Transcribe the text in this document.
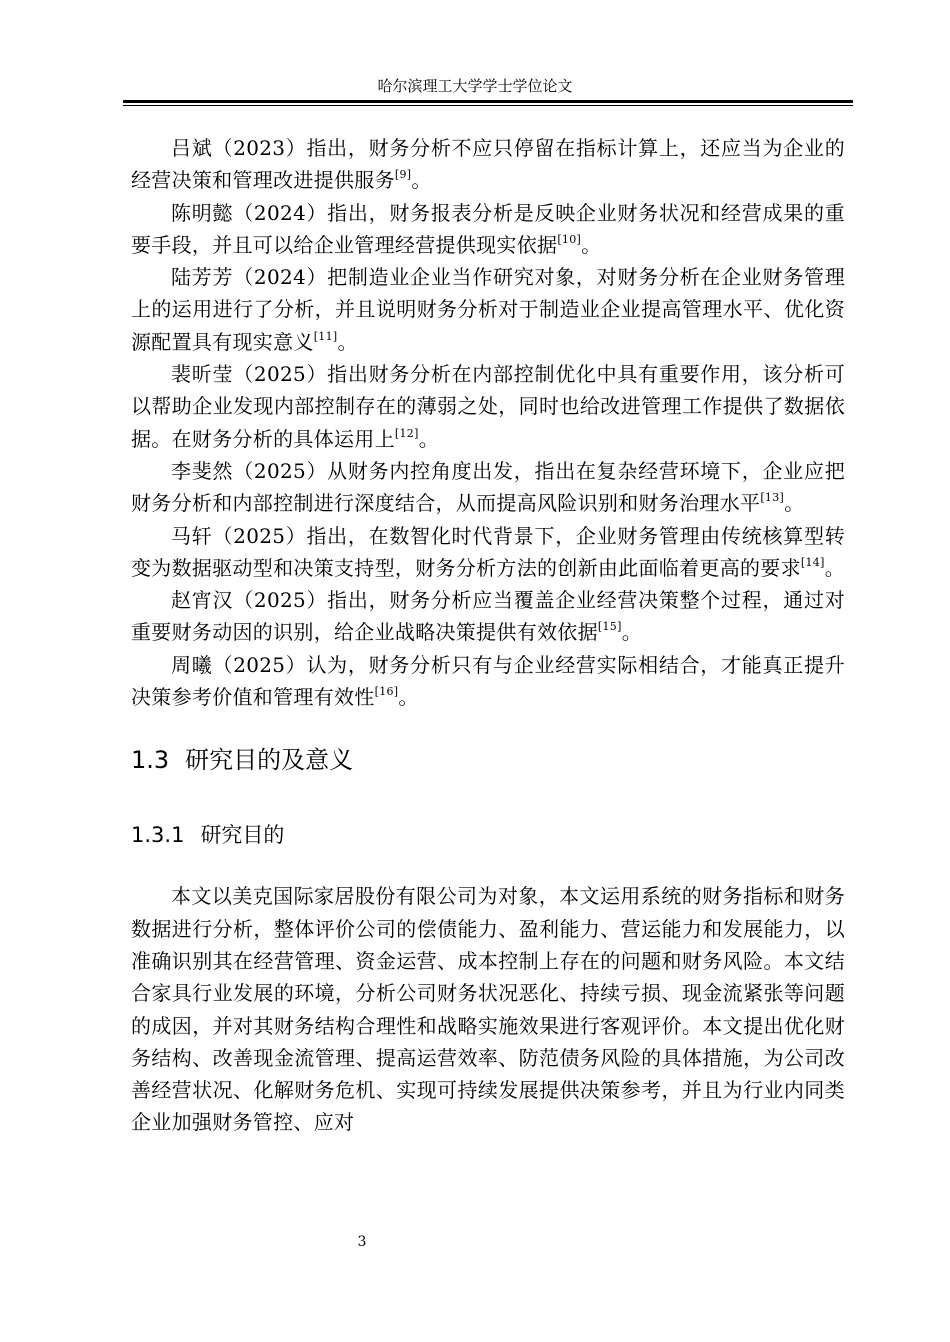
哈尔滨理工大学学士学位论文

吕斌（2023）指出，财务分析不应只停留在指标计算上，还应当为企业的经营决策和管理改进提供服务[9]。

陈明懿（2024）指出，财务报表分析是反映企业财务状况和经营成果的重要手段，并且可以给企业管理经营提供现实依据[10]。

陆芳芳（2024）把制造业企业当作研究对象，对财务分析在企业财务管理上的运用进行了分析，并且说明财务分析对于制造业企业提高管理水平、优化资源配置具有现实意义[11]。

裴昕莹（2025）指出财务分析在内部控制优化中具有重要作用，该分析可以帮助企业发现内部控制存在的薄弱之处，同时也给改进管理工作提供了数据依据。在财务分析的具体运用上[12]。

李斐然（2025）从财务内控角度出发，指出在复杂经营环境下，企业应把财务分析和内部控制进行深度结合，从而提高风险识别和财务治理水平[13]。

马轩（2025）指出，在数智化时代背景下，企业财务管理由传统核算型转变为数据驱动型和决策支持型，财务分析方法的创新由此面临着更高的要求[14]。

赵宵汉（2025）指出，财务分析应当覆盖企业经营决策整个过程，通过对重要财务动因的识别，给企业战略决策提供有效依据[15]。

周曦（2025）认为，财务分析只有与企业经营实际相结合，才能真正提升决策参考价值和管理有效性[16]。

1.3 研究目的及意义
1.3.1 研究目的

本文以美克国际家居股份有限公司为对象，本文运用系统的财务指标和财务数据进行分析，整体评价公司的偿债能力、盈利能力、营运能力和发展能力，以准确识别其在经营管理、资金运营、成本控制上存在的问题和财务风险。本文结合家具行业发展的环境，分析公司财务状况恶化、持续亏损、现金流紧张等问题的成因，并对其财务结构合理性和战略实施效果进行客观评价。本文提出优化财务结构、改善现金流管理、提高运营效率、防范债务风险的具体措施，为公司改善经营状况、化解财务危机、实现可持续发展提供决策参考，并且为行业内同类企业加强财务管控、应对

3
